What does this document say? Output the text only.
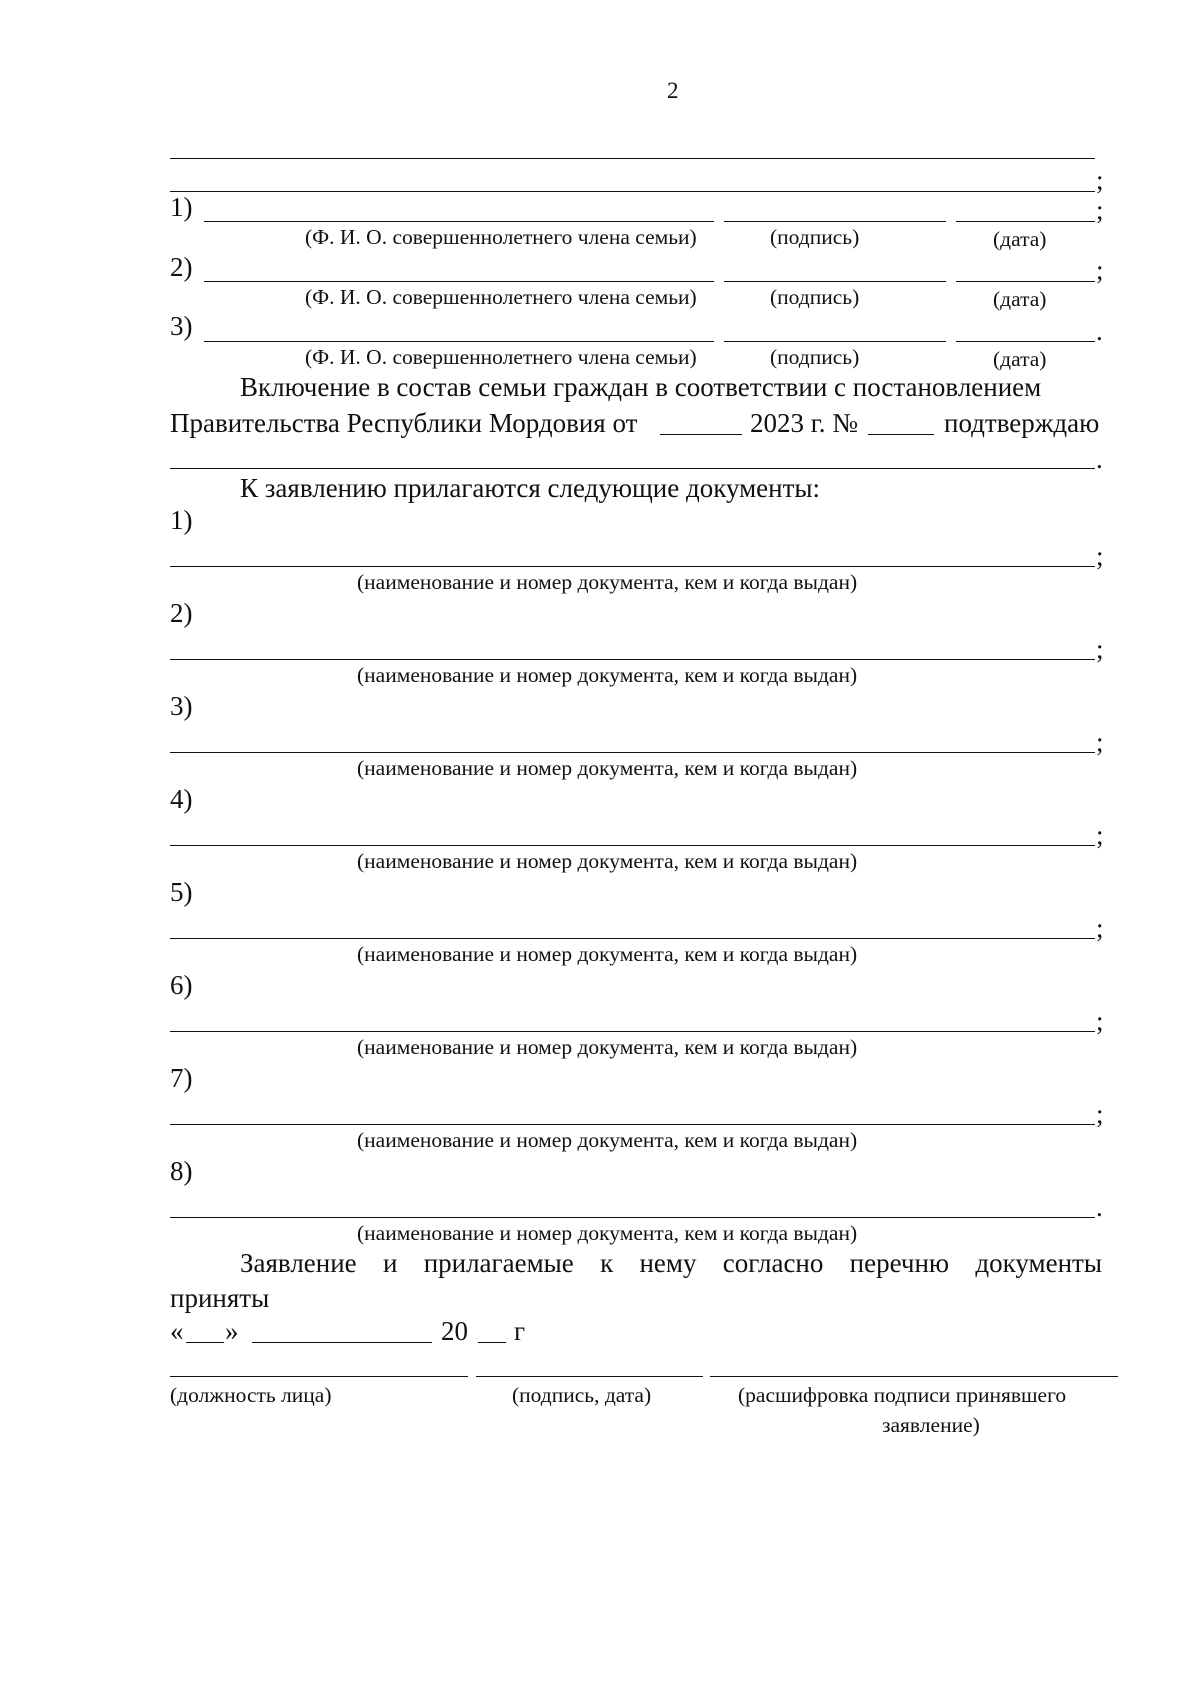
2
;
1)	;
(Ф. И. О. совершеннолетнего члена семьи)	(подпись)	(дата)
2)	;
(Ф. И. О. совершеннолетнего члена семьи)	(подпись)	(дата)
3)	.
(Ф. И. О. совершеннолетнего члена семьи)	(подпись)	(дата)
Включение в состав семьи граждан в соответствии с постановлением
Правительства Республики Мордовия от	2023 г. №	подтверждаю
.
К заявлению прилагаются следующие документы:
1)
;
(наименование и номер документа, кем и когда выдан)
2)
;
(наименование и номер документа, кем и когда выдан)
3)
;
(наименование и номер документа, кем и когда выдан)
4)
;
(наименование и номер документа, кем и когда выдан)
5)
;
(наименование и номер документа, кем и когда выдан)
6)
;
(наименование и номер документа, кем и когда выдан)
7)
;
(наименование и номер документа, кем и когда выдан)
8)
.
(наименование и номер документа, кем и когда выдан)
Заявление и прилагаемые к нему согласно перечню документы
приняты
« »	20 г
(должность лица)	(подпись, дата)	(расшифровка подписи принявшего
заявление)
